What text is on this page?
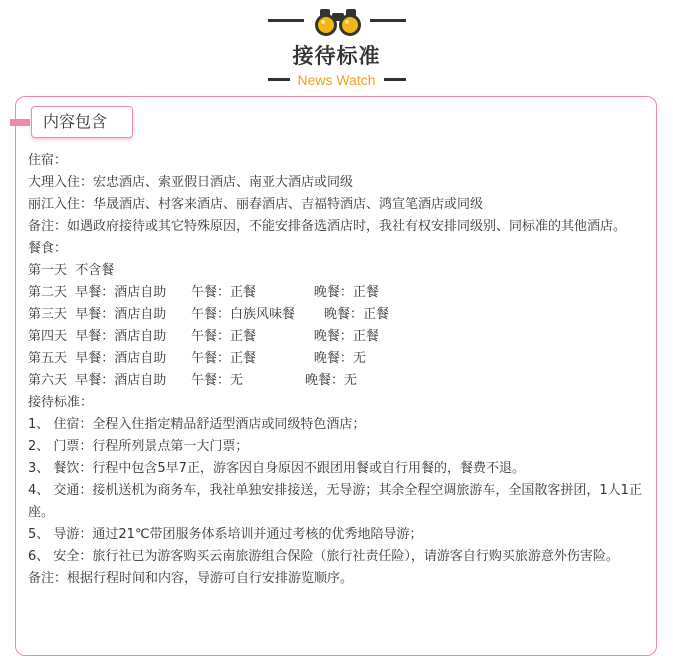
接待标准
News Watch
内容包含
住宿：
大理入住：宏忠酒店、索亚假日酒店、南亚大酒店或同级
丽江入住：华晟酒店、村客来酒店、丽春酒店、吉福特酒店、鸿宣笔酒店或同级
备注：如遇政府接待或其它特殊原因，不能安排备选酒店时，我社有权安排同级别、同标准的其他酒店。
餐食：
第一天  不含餐
第二天  早餐：酒店自助      午餐：正餐              晚餐：正餐
第三天  早餐：酒店自助      午餐：白族风味餐       晚餐：正餐
第四天  早餐：酒店自助      午餐：正餐              晚餐：正餐
第五天  早餐：酒店自助      午餐：正餐              晚餐：无
第六天  早餐：酒店自助      午餐：无               晚餐：无
接待标准：
1、 住宿：全程入住指定精品舒适型酒店或同级特色酒店；
2、 门票：行程所列景点第一大门票；
3、 餐饮：行程中包含5早7正，游客因自身原因不跟团用餐或自行用餐的，餐费不退。
4、 交通：接机送机为商务车，我社单独安排接送，无导游；其余全程空调旅游车，全国散客拼团，1人1正座。
5、 导游：通过21℃带团服务体系培训并通过考核的优秀地陪导游；
6、 安全：旅行社已为游客购买云南旅游组合保险（旅行社责任险），请游客自行购买旅游意外伤害险。
备注：根据行程时间和内容，导游可自行安排游览顺序。
